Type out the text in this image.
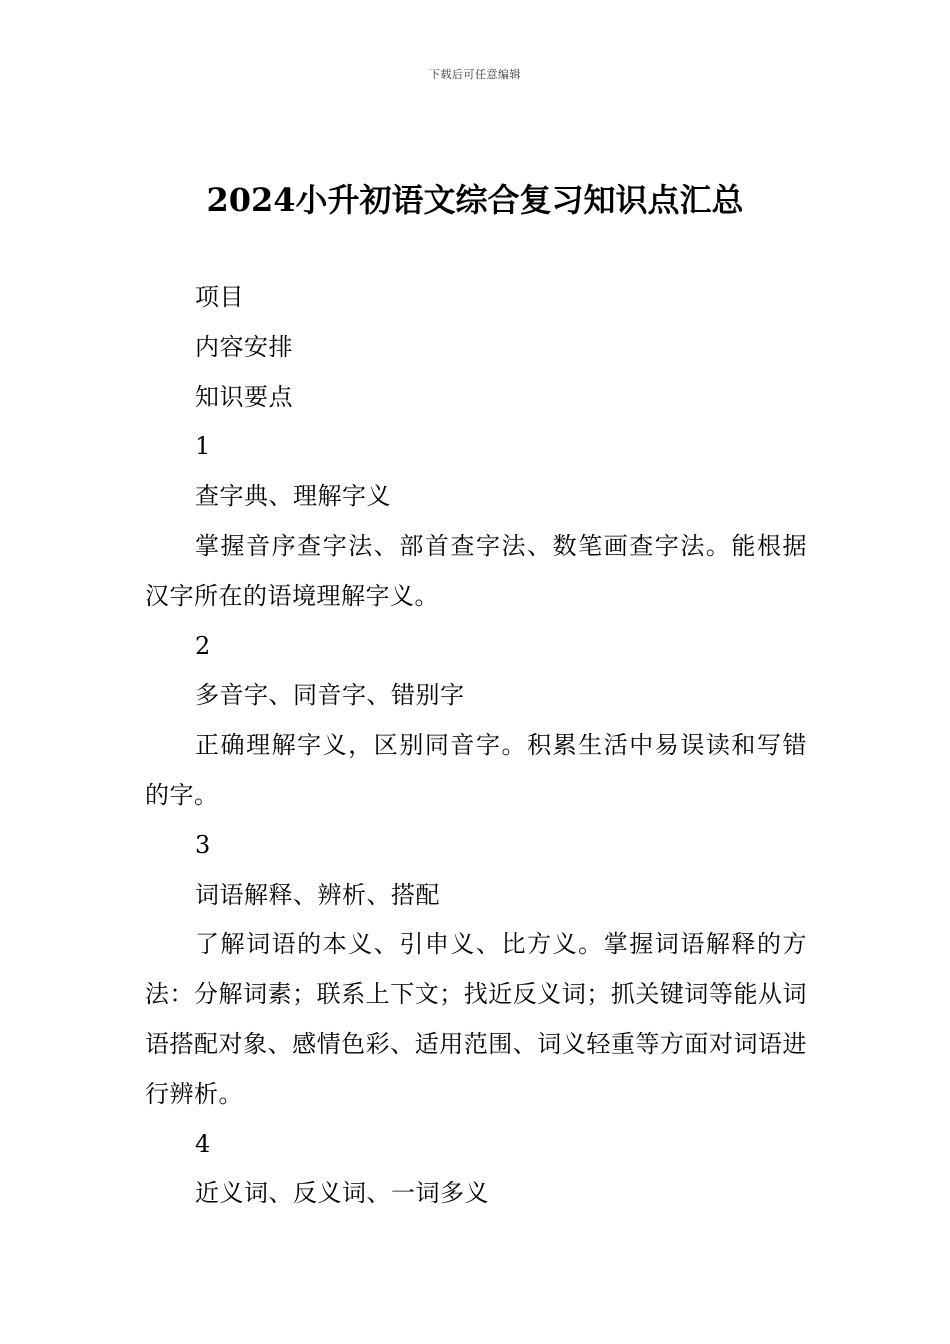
下载后可任意编辑
2024小升初语文综合复习知识点汇总

项目

内容安排

知识要点

1

查字典、理解字义

掌握音序查字法、部首查字法、数笔画查字法。能根据汉字所在的语境理解字义。

2

多音字、同音字、错别字

正确理解字义，区别同音字。积累生活中易误读和写错的字。

3

词语解释、辨析、搭配

了解词语的本义、引申义、比方义。掌握词语解释的方法：分解词素；联系上下文；找近反义词；抓关键词等能从词语搭配对象、感情色彩、适用范围、词义轻重等方面对词语进行辨析。

4

近义词、反义词、一词多义
